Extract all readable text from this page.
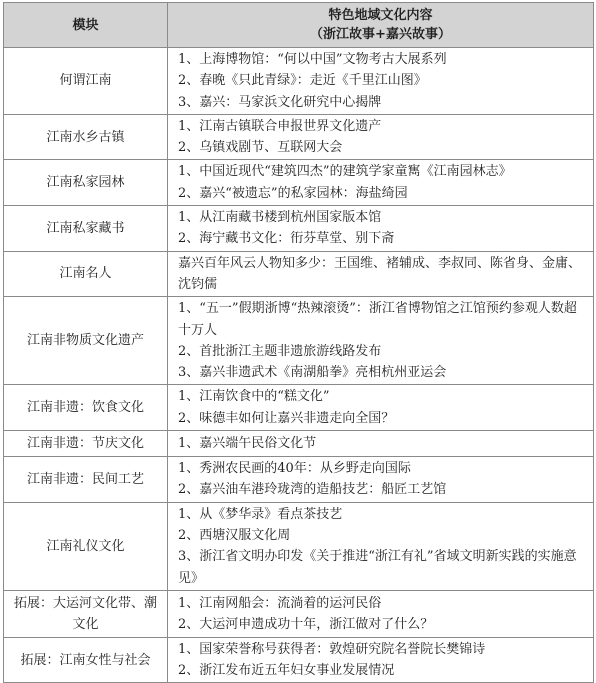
模块	特色地域文化内容
（浙江故事+嘉兴故事）

何谓江南	1、上海博物馆：“何以中国”文物考古大展系列
2、春晚《只此青绿》：走近《千里江山图》
3、嘉兴：马家浜文化研究中心揭牌

江南水乡古镇	1、江南古镇联合申报世界文化遗产
2、乌镇戏剧节、互联网大会

江南私家园林	1、中国近现代“建筑四杰”的建筑学家童寯《江南园林志》
2、嘉兴“被遗忘”的私家园林：海盐绮园

江南私家藏书	1、从江南藏书楼到杭州国家版本馆
2、海宁藏书文化：衎芬草堂、别下斋

江南名人	嘉兴百年风云人物知多少：王国维、褚辅成、李叔同、陈省身、金庸、沈钧儒

江南非物质文化遗产	1、“五一”假期浙博“热辣滚烫”：浙江省博物馆之江馆预约参观人数超十万人
2、首批浙江主题非遗旅游线路发布
3、嘉兴非遗武术《南湖船拳》亮相杭州亚运会

江南非遗：饮食文化	1、江南饮食中的“糕文化”
2、味德丰如何让嘉兴非遗走向全国？

江南非遗：节庆文化	1、嘉兴端午民俗文化节

江南非遗：民间工艺	1、秀洲农民画的40年：从乡野走向国际
2、嘉兴油车港玲珑湾的造船技艺：船匠工艺馆

江南礼仪文化	1、从《梦华录》看点茶技艺
2、西塘汉服文化周
3、浙江省文明办印发《关于推进“浙江有礼”省域文明新实践的实施意见》

拓展：大运河文化带、潮文化	1、江南网船会：流淌着的运河民俗
2、大运河申遗成功十年，浙江做对了什么？

拓展：江南女性与社会	1、国家荣誉称号获得者：敦煌研究院名誉院长樊锦诗
2、浙江发布近五年妇女事业发展情况
